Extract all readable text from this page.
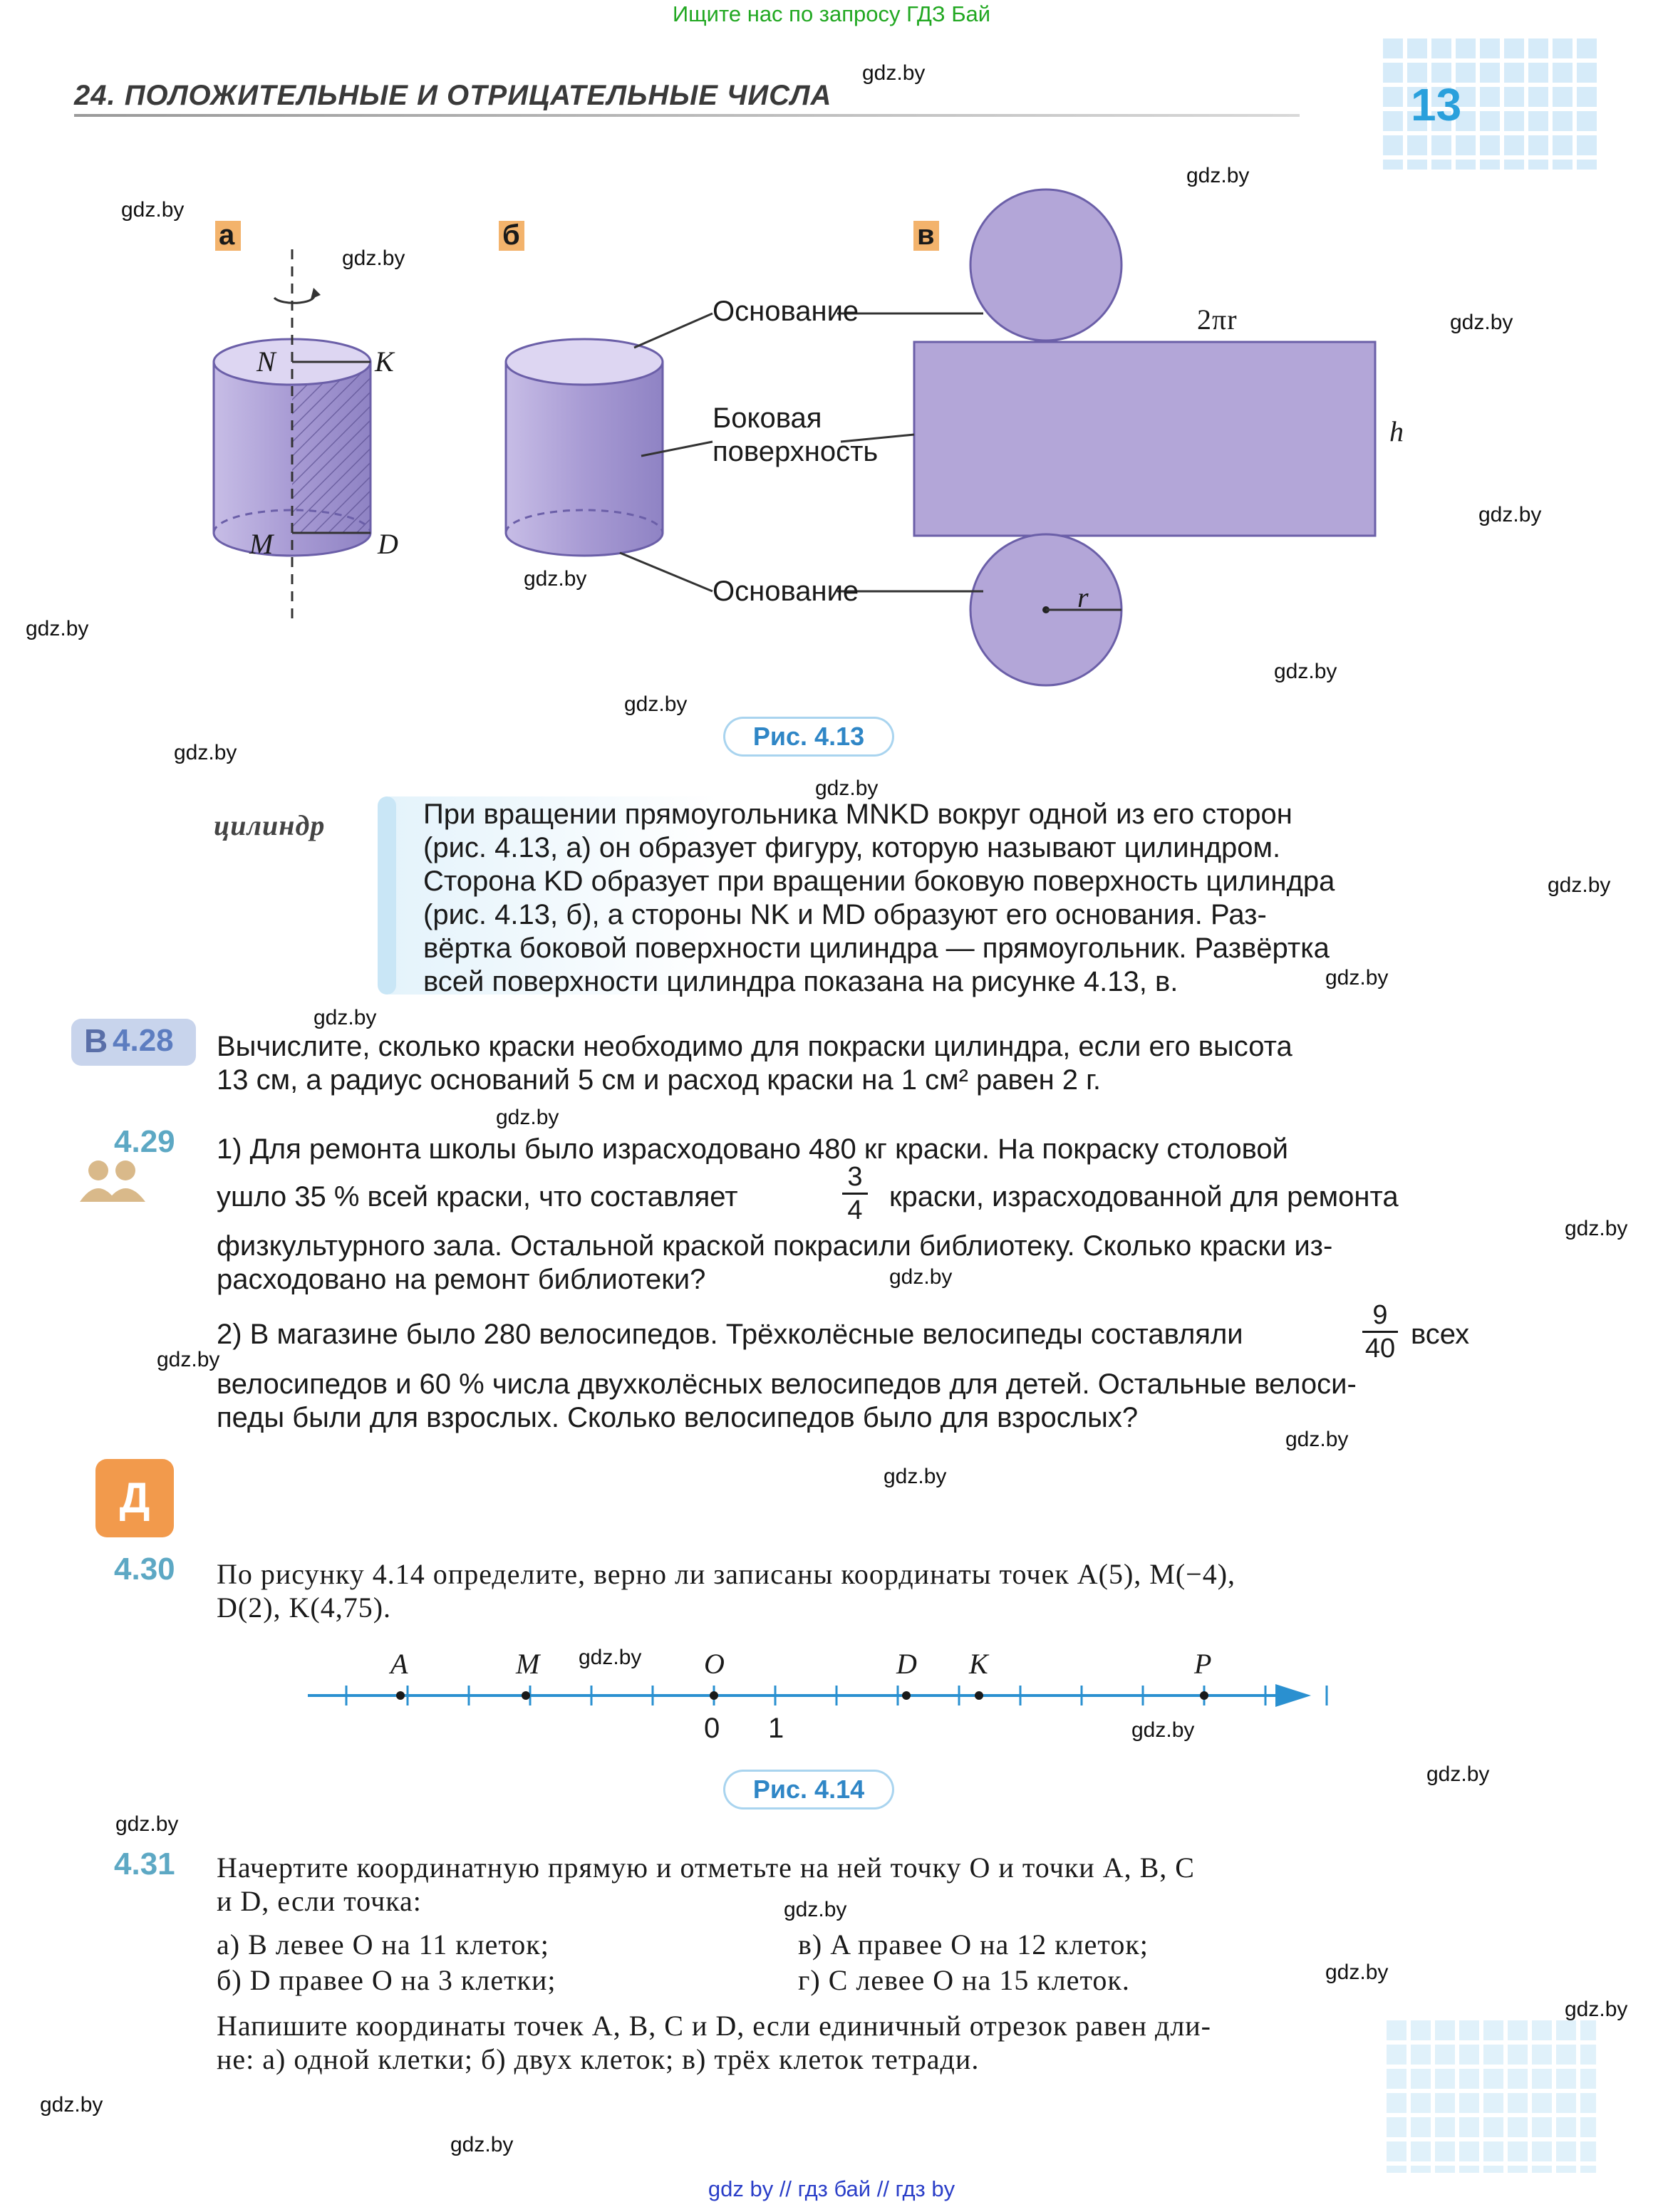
Ищите нас по запросу ГДЗ Бай
gdz by // гдз бай // гдз by
24. ПОЛОЖИТЕЛЬНЫЕ И ОТРИЦАТЕЛЬНЫЕ ЧИСЛА	13
а	б	в
N	K
M	D
Основание
Боковая
поверхность
Основание
2πr
h
r
Рис. 4.13
цилиндр	При вращении прямоугольника MNKD вокруг одной из его сторон
(рис. 4.13, а) он образует фигуру, которую называют цилиндром.
Сторона KD образует при вращении боковую поверхность цилиндра
(рис. 4.13, б), а стороны NK и MD образуют его основания. Раз-
вёртка боковой поверхности цилиндра — прямоугольник. Развёртка
всей поверхности цилиндра показана на рисунке 4.13, в.
В 4.28 Вычислите, сколько краски необходимо для покраски цилиндра, если его высота
13 см, а радиус оснований 5 см и расход краски на 1 см² равен 2 г.
4.29 1) Для ремонта школы было израсходовано 480 кг краски. На покраску столовой
ушло 35 % всей краски, что составляет
3
4 краски, израсходованной для ремонта
физкультурного зала. Остальной краской покрасили библиотеку. Сколько краски из-
расходовано на ремонт библиотеки?
2) В магазине было 280 велосипедов. Трёхколёсные велосипеды составляли
9
40 всех
велосипедов и 60 % числа двухколёсных велосипедов для детей. Остальные велоси-
педы были для взрослых. Сколько велосипедов было для взрослых?
Д
4.30 По рисунку 4.14 определите, верно ли записаны координаты точек A(5), M(−4),
D(2), K(4,75).
A	M	O	D K	P
0 1
Рис. 4.14
4.31 Начертите координатную прямую и отметьте на ней точку O и точки A, B, C
и D, если точка:
а) B левее O на 11 клеток;	в) A правее O на 12 клеток;
б) D правее O на 3 клетки;	г) C левее O на 15 клеток.
Напишите координаты точек A, B, C и D, если единичный отрезок равен дли-
не: а) одной клетки; б) двух клеток; в) трёх клеток тетради.
gdz.by
gdz.by
gdz.by
gdz.by
gdz.by
gdz.by
gdz.by
gdz.by
gdz.by
gdz.by
gdz.by
gdz.by
gdz.by
gdz.by
gdz.by
gdz.by
gdz.by
gdz.by
gdz.by
gdz.by
gdz.by
gdz.by
gdz.by
gdz.by
gdz.by
gdz.by
gdz.by
gdz.by
gdz.by
gdz.by
